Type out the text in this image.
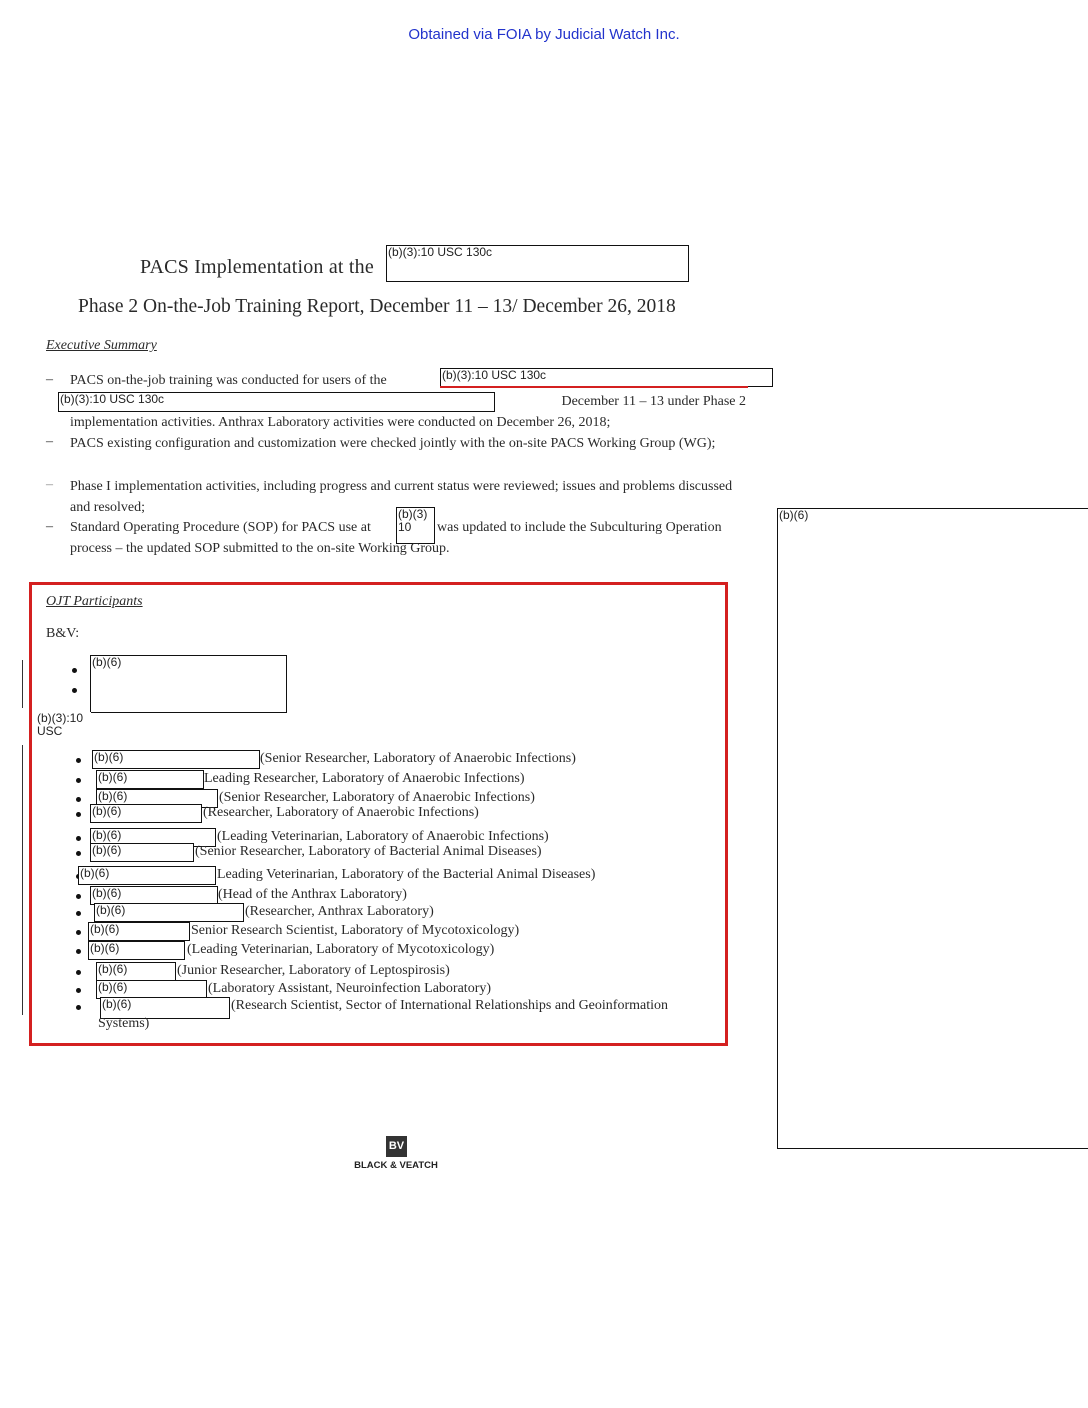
Obtained via FOIA by Judicial Watch Inc.
PACS Implementation at the
(b)(3):10 USC 130c
Phase 2 On-the-Job Training Report, December 11 – 13/ December 26, 2018
Executive Summary
– PACS on-the-job training was conducted for users of the	(b)(3):10 USC 130c
(b)(3):10 USC 130c	December 11 – 13 under Phase 2
implementation activities. Anthrax Laboratory activities were conducted on December 26, 2018;
– PACS existing configuration and customization were checked jointly with the on-site PACS Working Group (WG);
– Phase I implementation activities, including progress and current status were reviewed; issues and problems discussed and resolved;
– Standard Operating Procedure (SOP) for PACS use at
(b)(3)
10	was updated to include the Subculturing Operation
process – the updated SOP submitted to the on-site Working Group.
(b)(6)
OJT Participants
B&V:
(b)(6)
(b)(3):10
USC
(b)(6)	(Senior Researcher, Laboratory of Anaerobic Infections)
(b)(6)	Leading Researcher, Laboratory of Anaerobic Infections)
(b)(6)	(Senior Researcher, Laboratory of Anaerobic Infections)
(b)(6)	(Researcher, Laboratory of Anaerobic Infections)
(b)(6)	(Leading Veterinarian, Laboratory of Anaerobic Infections)
(b)(6)	(Senior Researcher, Laboratory of Bacterial Animal Diseases)
(b)(6)	Leading Veterinarian, Laboratory of the Bacterial Animal Diseases)
(b)(6)	(Head of the Anthrax Laboratory)
(b)(6)	(Researcher, Anthrax Laboratory)
(b)(6)	Senior Research Scientist, Laboratory of Mycotoxicology)
(b)(6)	(Leading Veterinarian, Laboratory of Mycotoxicology)
(b)(6)	(Junior Researcher, Laboratory of Leptospirosis)
(b)(6)	(Laboratory Assistant, Neuroinfection Laboratory)
(b)(6)	(Research Scientist, Sector of International Relationships and Geoinformation
Systems)
BV
BLACK & VEATCH
